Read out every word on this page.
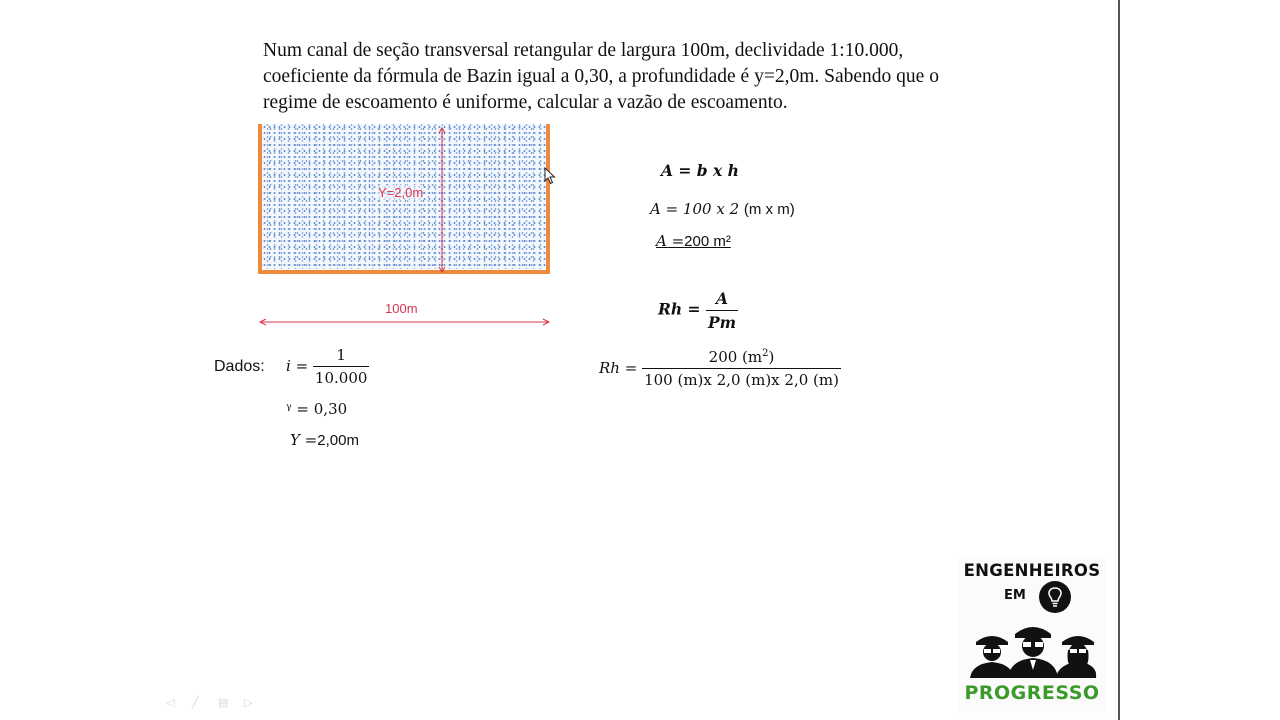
Num canal de seção transversal retangular de largura 100m, declividade 1:10.000,
coeficiente da fórmula de Bazin igual a 0,30, a profundidade é y=2,0m. Sabendo que o
regime de escoamento é uniforme, calcular a vazão de escoamento.
Y=2,0m
100m
Dados: $i = \frac{1}{10.000}$
ᵞ = 0,30
Y =2,00m
A = b x h
A = 100 x 2 (m x m)
A =200 m²
$Rh = \frac{A}{Pm}$
$Rh = \frac{200 (m^2)}{100 (m)x 2,0 (m)x 2,0 (m)}$
ENGENHEIROS
EM
PROGRESSO
◁	╱	▤ ▷
